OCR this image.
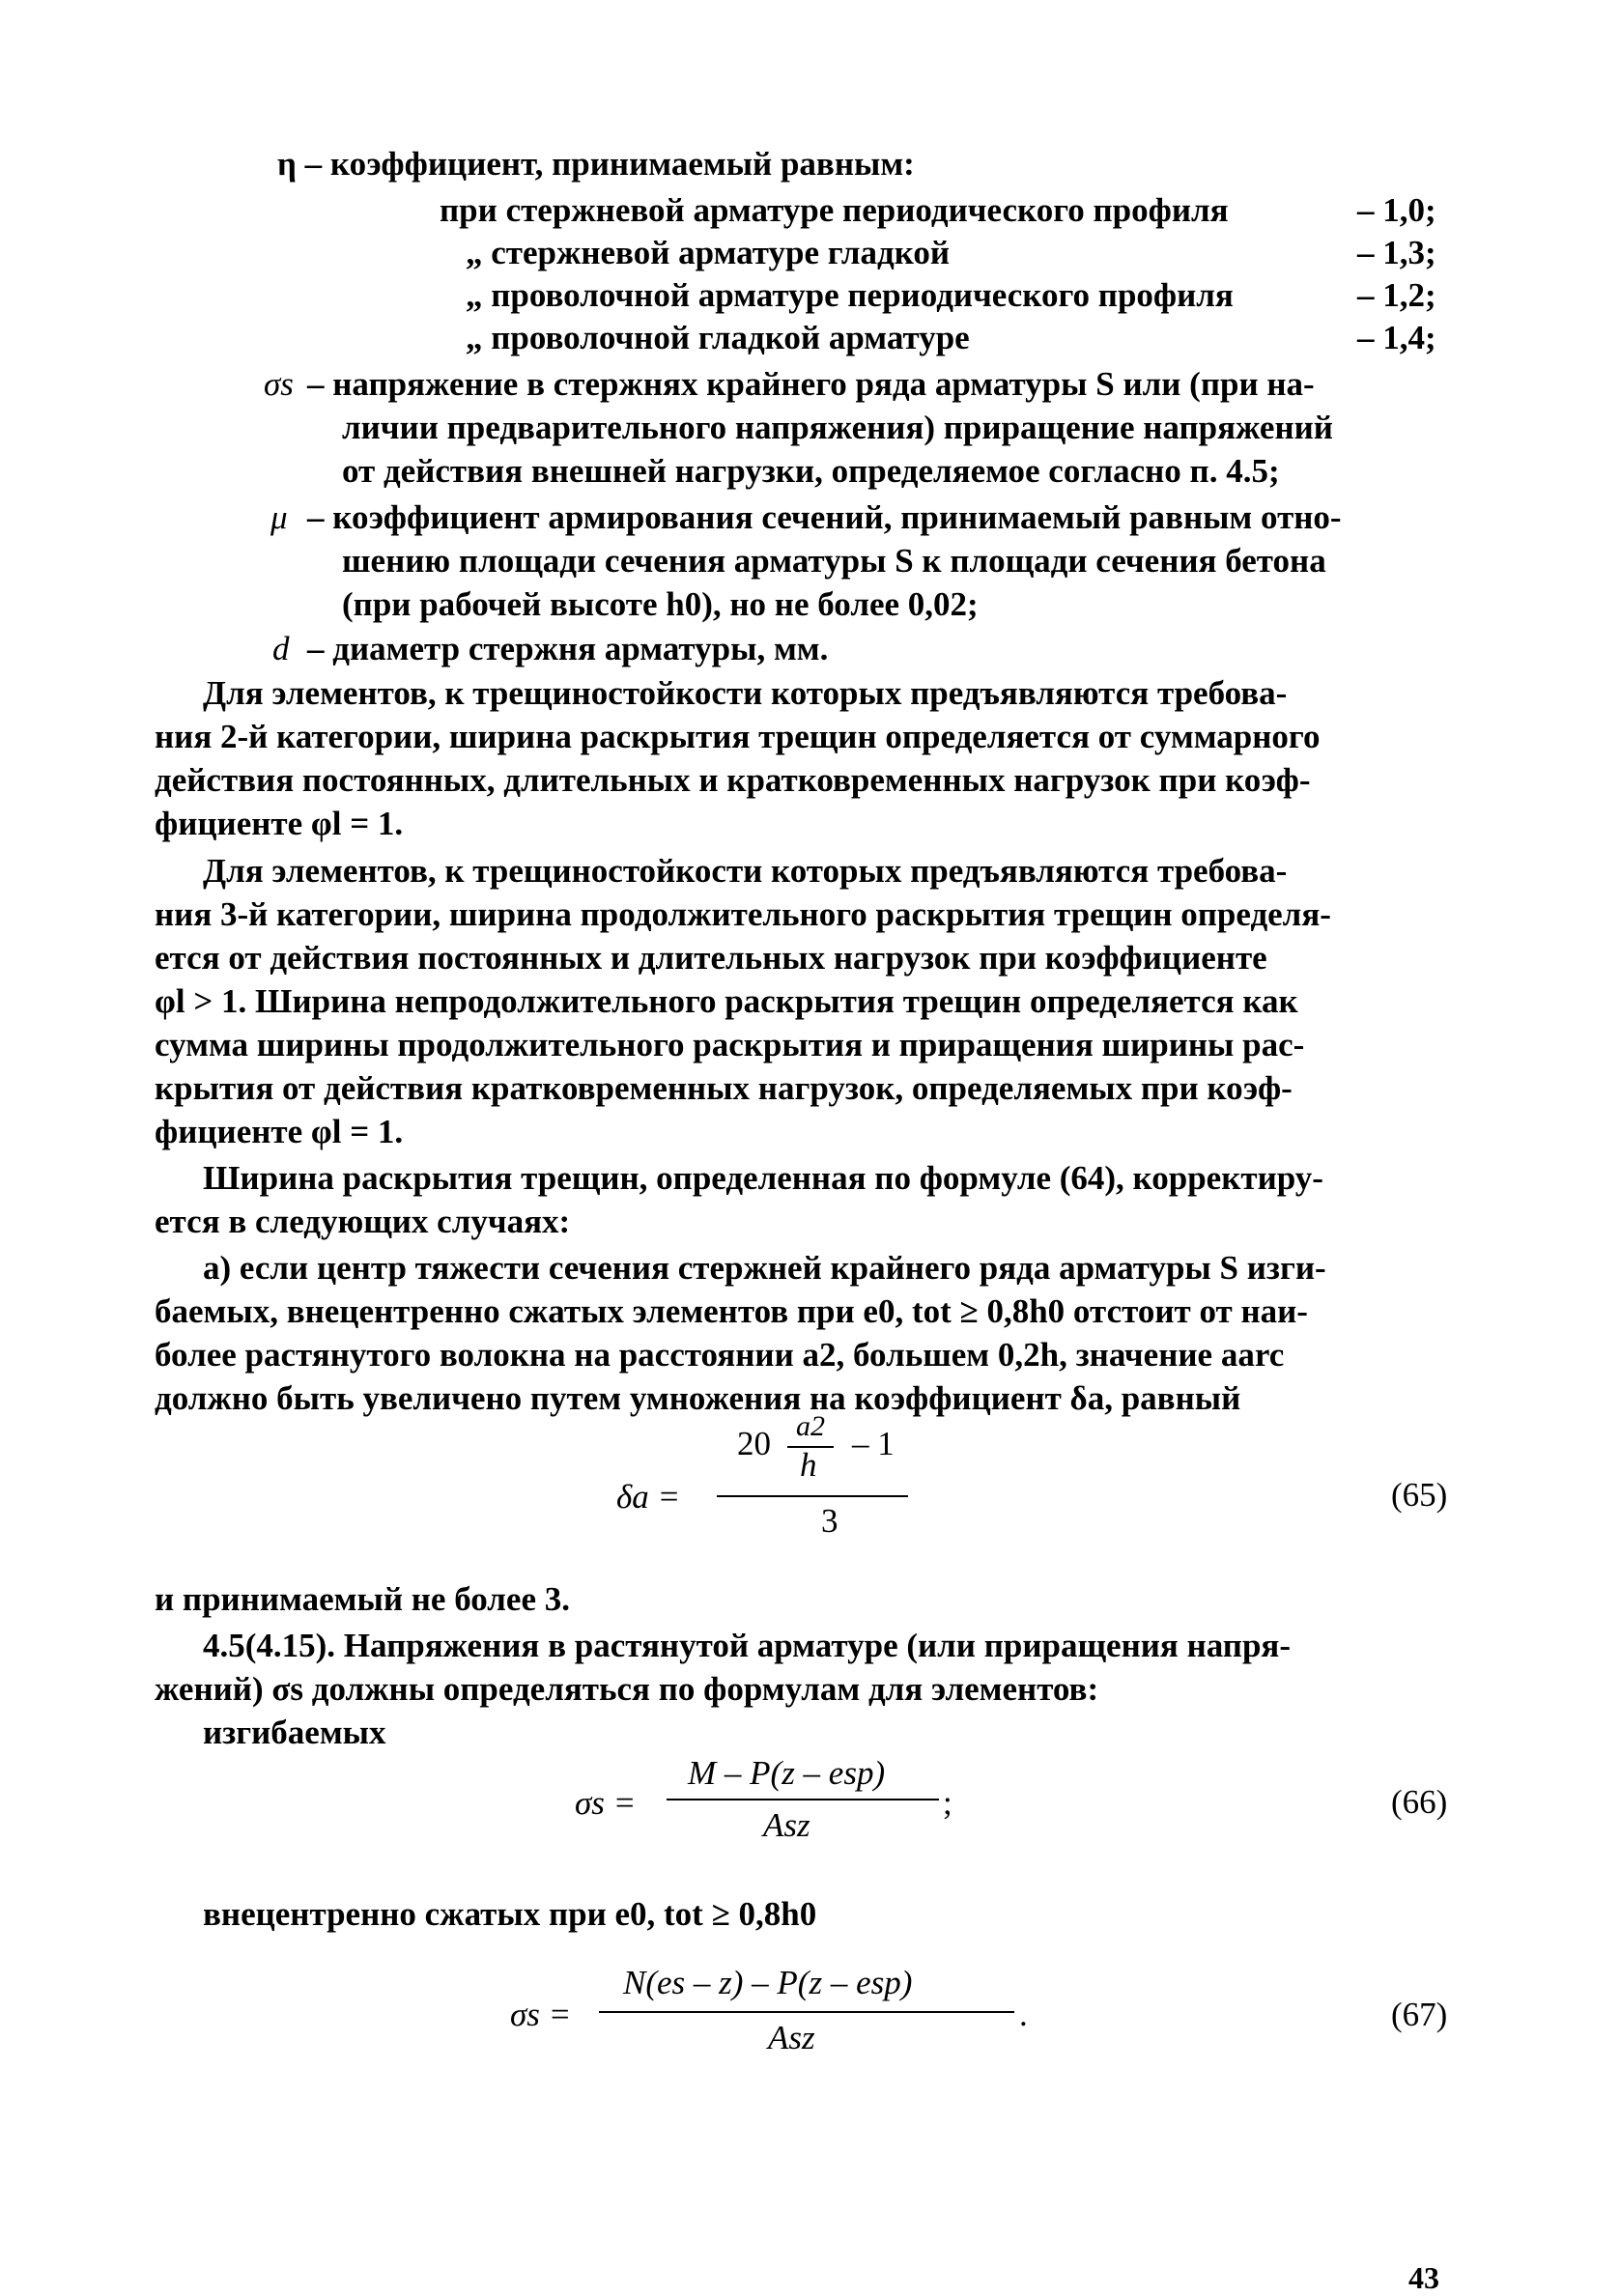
η – коэффициент, принимаемый равным:
при стержневой арматуре периодического профиля	– 1,0;
„ стержневой арматуре гладкой	– 1,3;
„ проволочной арматуре периодического профиля	– 1,2;
„ проволочной гладкой арматуре	– 1,4;
σs – напряжение в стержнях крайнего ряда арматуры S или (при на-
личии предварительного напряжения) приращение напряжений
от действия внешней нагрузки, определяемое согласно п. 4.5;
μ – коэффициент армирования сечений, принимаемый равным отно-
шению площади сечения арматуры S к площади сечения бетона
(при рабочей высоте h0), но не более 0,02;
d – диаметр стержня арматуры, мм.
Для элементов, к трещиностойкости которых предъявляются требова-
ния 2-й категории, ширина раскрытия трещин определяется от суммарного
действия постоянных, длительных и кратковременных нагрузок при коэф-
фициенте φl = 1.
Для элементов, к трещиностойкости которых предъявляются требова-
ния 3-й категории, ширина продолжительного раскрытия трещин определя-
ется от действия постоянных и длительных нагрузок при коэффициенте
φl > 1. Ширина непродолжительного раскрытия трещин определяется как
сумма ширины продолжительного раскрытия и приращения ширины рас-
крытия от действия кратковременных нагрузок, определяемых при коэф-
фициенте φl = 1.
Ширина раскрытия трещин, определенная по формуле (64), корректиру-
ется в следующих случаях:
а) если центр тяжести сечения стержней крайнего ряда арматуры S изги-
баемых, внецентренно сжатых элементов при e0, tot ≥ 0,8h0 отстоит от наи-
более растянутого волокна на расстоянии a2, большем 0,2h, значение aarc
должно быть увеличено путем умножения на коэффициент δa, равный
δa =
20 a2
h
– 1
3
(65)
и принимаемый не более 3.
4.5(4.15). Напряжения в растянутой арматуре (или приращения напря-
жений) σs должны определяться по формулам для элементов:
изгибаемых
σs =
M – P(z – esp)
Asz
;	(66)
внецентренно сжатых при e0, tot ≥ 0,8h0
σs =
N(es – z) – P(z – esp)
Asz
.	(67)
43
